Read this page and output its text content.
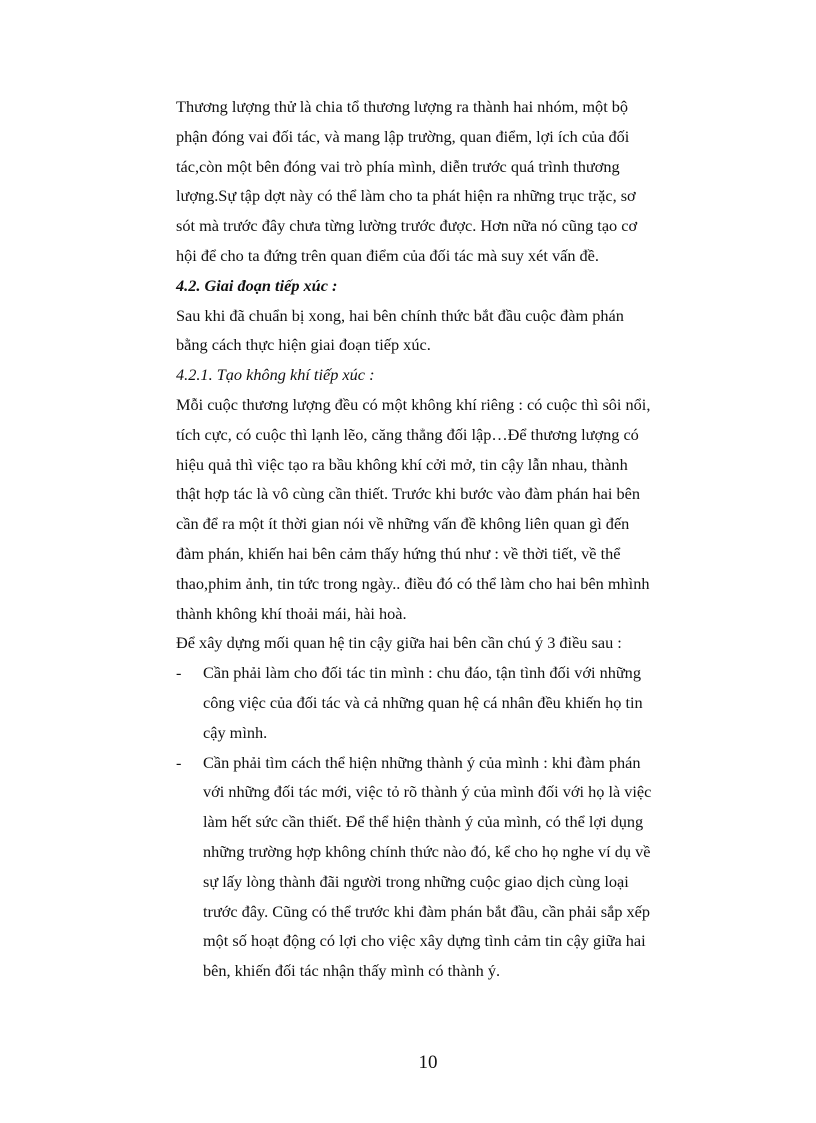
Thương lượng thử là chia tổ thương lượng ra thành hai nhóm, một bộ
phận đóng vai đối tác, và mang lập trường, quan điểm, lợi ích của đối
tác,còn một bên đóng vai trò phía mình, diễn trước quá trình thương
lượng.Sự tập dợt này có thể làm cho ta phát hiện ra những trục trặc, sơ
sót mà trước đây chưa từng lường trước được. Hơn nữa nó cũng tạo cơ
hội để cho ta đứng trên quan điểm của đối tác mà suy xét vấn đề.
4.2. Giai đoạn tiếp xúc :
Sau khi đã chuẩn bị xong, hai bên chính thức bắt đầu cuộc đàm phán
bằng cách thực hiện giai đoạn tiếp xúc.
4.2.1. Tạo không khí tiếp xúc :
Mỗi cuộc thương lượng đều có một không khí riêng : có cuộc thì sôi nổi,
tích cực, có cuộc thì lạnh lẽo, căng thẳng đối lập…Để thương lượng có
hiệu quả thì việc tạo ra bầu không khí cởi mở, tin cậy lẫn nhau, thành
thật hợp tác là vô cùng cần thiết. Trước khi bước vào đàm phán hai bên
cần để ra một ít thời gian nói về những vấn đề không liên quan gì đến
đàm phán, khiến hai bên cảm thấy hứng thú như : về thời tiết, về thể
thao,phim ảnh, tin tức trong ngày.. điều đó có thể làm cho hai bên mhình
thành không khí thoải mái, hài hoà.
Để xây dựng mối quan hệ tin cậy giữa hai bên cần chú ý 3 điều sau :
-	Cần phải làm cho đối tác tin mình : chu đáo, tận tình đối với những
công việc của đối tác và cả những quan hệ cá nhân đều khiến họ tin
cậy mình.
-	Cần phải tìm cách thể hiện những thành ý của mình : khi đàm phán
với những đối tác mới, việc tỏ rõ thành ý của mình đối với họ là việc
làm hết sức cần thiết. Để thể hiện thành ý của mình, có thể lợi dụng
những trường hợp không chính thức nào đó, kể cho họ nghe ví dụ về
sự lấy lòng thành đãi người trong những cuộc giao dịch cùng loại
trước đây. Cũng có thể trước khi đàm phán bắt đầu, cần phải sắp xếp
một số hoạt động có lợi cho việc xây dựng tình cảm tin cậy giữa hai
bên, khiến đối tác nhận thấy mình có thành ý.
10
